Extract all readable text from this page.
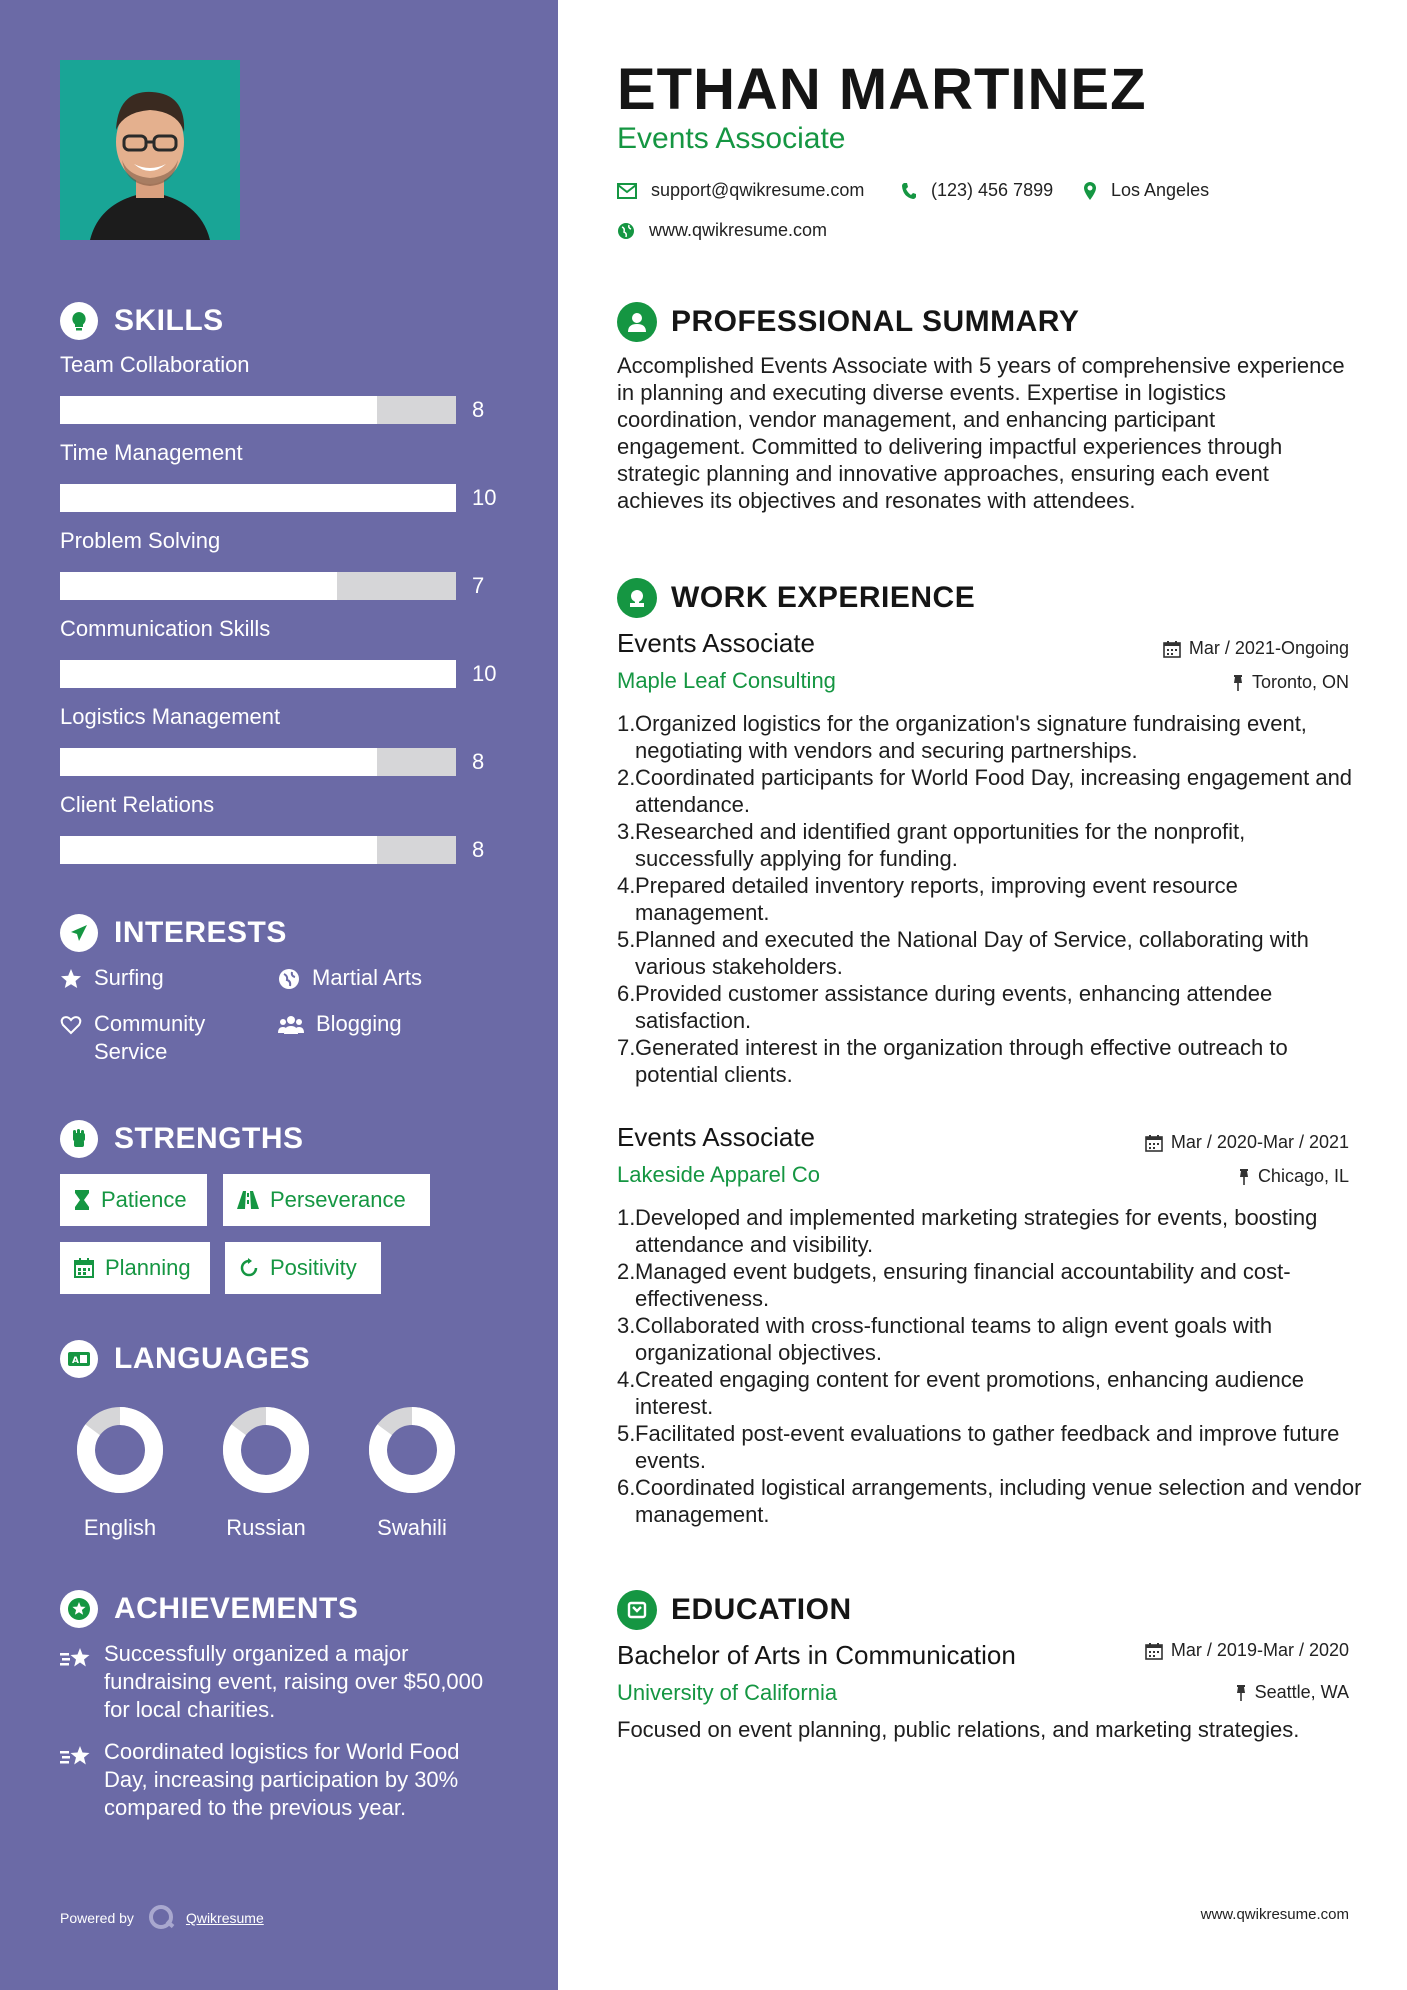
SKILLS
Team Collaboration
8
Time Management
10
Problem Solving
7
Communication Skills
10
Logistics Management
8
Client Relations
8
INTERESTS
Surfing	Martial Arts
Community Service
Blogging
STRENGTHS
Patience	Perseverance
Planning	Positivity
A LANGUAGES
English	Russian	Swahili
ACHIEVEMENTS
Successfully organized a major fundraising event, raising over $50,000 for local charities.
Coordinated logistics for World Food Day, increasing participation by 30% compared to the previous year.
Powered by	Qwikresume
ETHAN MARTINEZ
Events Associate
support@qwikresume.com	(123) 456 7899	Los Angeles
www.qwikresume.com
PROFESSIONAL SUMMARY
Accomplished Events Associate with 5 years of comprehensive experience in planning and executing diverse events. Expertise in logistics coordination, vendor management, and enhancing participant engagement. Committed to delivering impactful experiences through strategic planning and innovative approaches, ensuring each event achieves its objectives and resonates with attendees.
WORK EXPERIENCE
Events Associate	Mar / 2021-Ongoing
Maple Leaf Consulting	Toronto, ON
1. Organized logistics for the organization's signature fundraising event, negotiating with vendors and securing partnerships.
2. Coordinated participants for World Food Day, increasing engagement and attendance.
3. Researched and identified grant opportunities for the nonprofit, successfully applying for funding.
4. Prepared detailed inventory reports, improving event resource management.
5. Planned and executed the National Day of Service, collaborating with various stakeholders.
6. Provided customer assistance during events, enhancing attendee satisfaction.
7. Generated interest in the organization through effective outreach to potential clients.
Events Associate	Mar / 2020-Mar / 2021
Lakeside Apparel Co	Chicago, IL
1. Developed and implemented marketing strategies for events, boosting attendance and visibility.
2. Managed event budgets, ensuring financial accountability and cost-effectiveness.
3. Collaborated with cross-functional teams to align event goals with organizational objectives.
4. Created engaging content for event promotions, enhancing audience interest.
5. Facilitated post-event evaluations to gather feedback and improve future events.
6. Coordinated logistical arrangements, including venue selection and vendor management.
EDUCATION
Bachelor of Arts in Communication	Mar / 2019-Mar / 2020
University of California	Seattle, WA
Focused on event planning, public relations, and marketing strategies.
www.qwikresume.com
